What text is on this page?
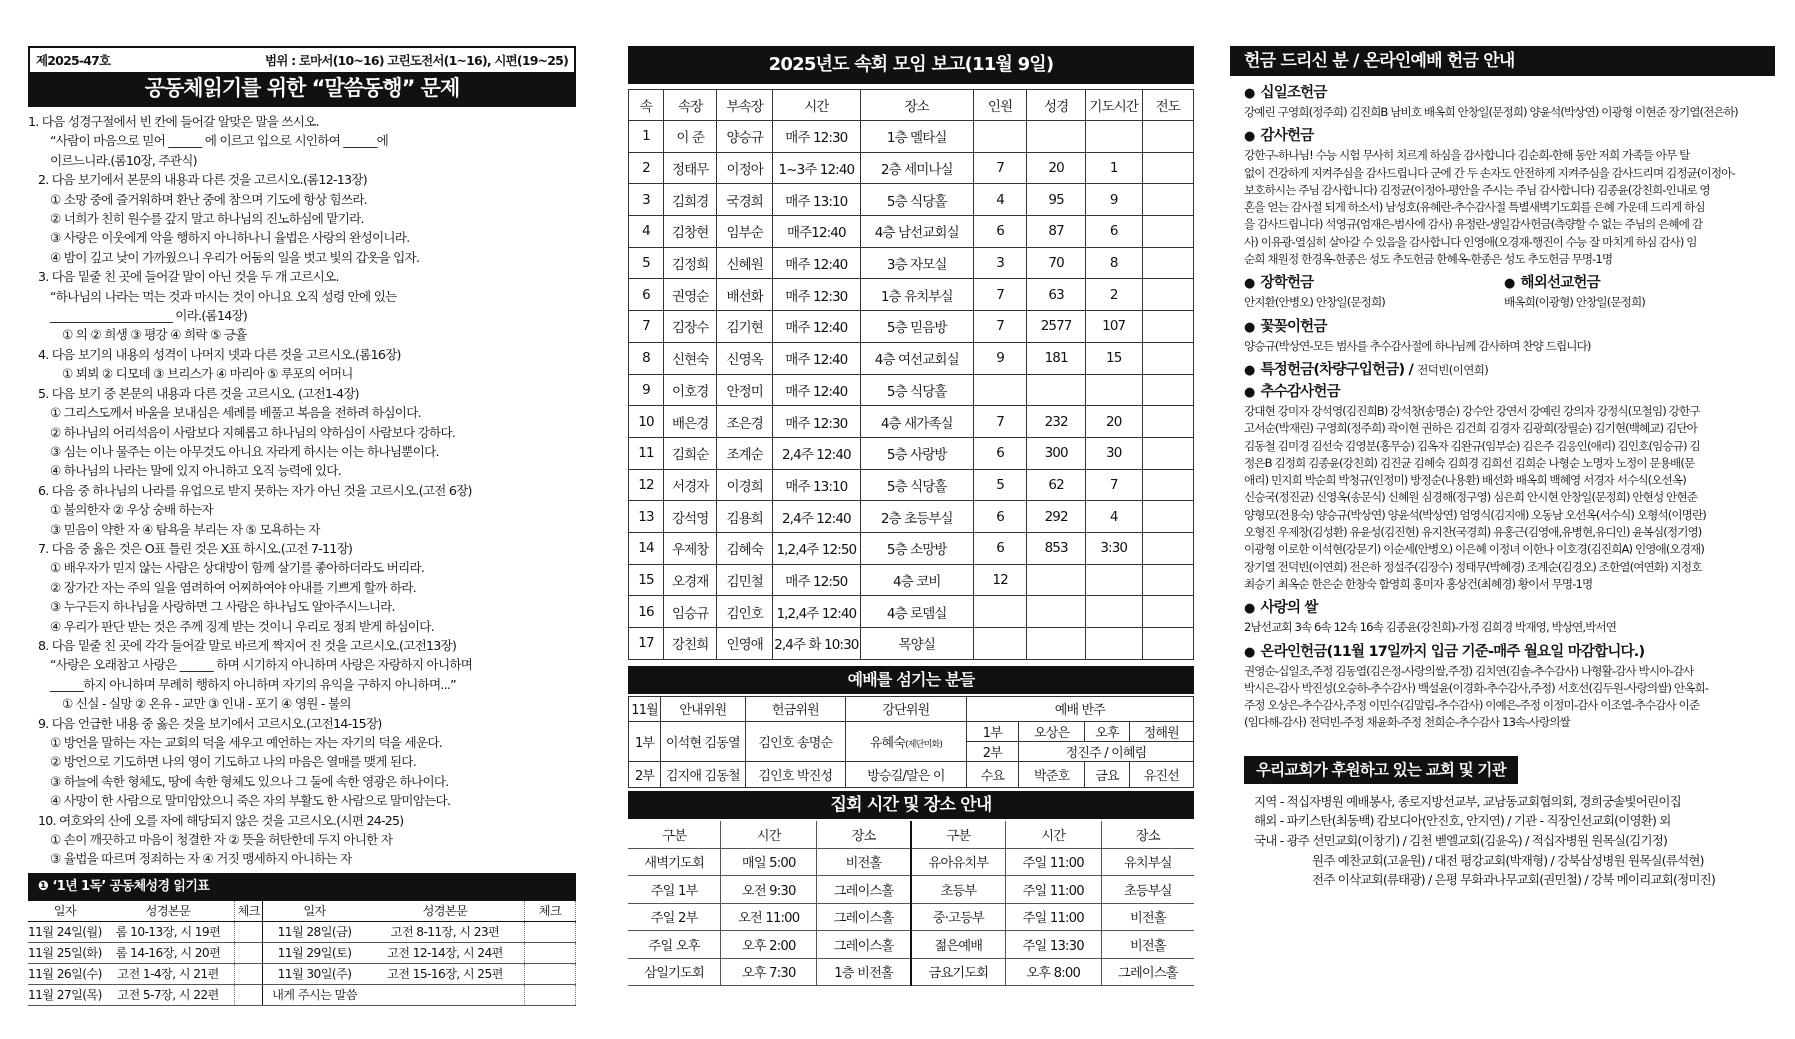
제2025-47호	범위 : 로마서(10~16) 고린도전서(1~16), 시편(19~25)
공동체읽기를 위한 “말씀동행” 문제
1. 다음 성경구절에서 빈 칸에 들어갈 알맞은 말을 쓰시오.
“사람이 마음으로 믿어 ______ 에 이르고 입으로 시인하여 ______에
이르느니라.(롬10장, 주관식)
2. 다음 보기에서 본문의 내용과 다른 것을 고르시오.(롬12-13장)
① 소망 중에 즐거워하며 환난 중에 참으며 기도에 항상 힘쓰라.
② 너희가 친히 원수를 갚지 말고 하나님의 진노하심에 맡기라.
③ 사랑은 이웃에게 악을 행하지 아니하나니 율법은 사랑의 완성이니라.
④ 밤이 깊고 낮이 가까웠으니 우리가 어둠의 일을 벗고 빛의 갑옷을 입자.
3. 다음 밑줄 친 곳에 들어갈 말이 아닌 것을 두 개 고르시오.
“하나님의 나라는 먹는 것과 마시는 것이 아니요 오직 성령 안에 있는
______________________ 이라.(롬14장)
① 의 ② 희생 ③ 평강 ④ 희락 ⑤ 긍휼
4. 다음 보기의 내용의 성격이 나머지 넷과 다른 것을 고르시오.(롬16장)
① 뵈뵈 ② 디모데 ③ 브리스가 ④ 마리아 ⑤ 루포의 어머니
5. 다음 보기 중 본문의 내용과 다른 것을 고르시오. (고전1-4장)
① 그리스도께서 바울을 보내심은 세례를 베풀고 복음을 전하려 하심이다.
② 하나님의 어리석음이 사람보다 지혜롭고 하나님의 약하심이 사람보다 강하다.
③ 심는 이나 물주는 이는 아무것도 아니요 자라게 하시는 이는 하나님뿐이다.
④ 하나님의 나라는 말에 있지 아니하고 오직 능력에 있다.
6. 다음 중 하나님의 나라를 유업으로 받지 못하는 자가 아닌 것을 고르시오.(고전 6장)
① 불의한자 ② 우상 숭배 하는자
③ 믿음이 약한 자 ④ 탐욕을 부리는 자 ⑤ 모욕하는 자
7. 다음 중 옳은 것은 O표 틀린 것은 X표 하시오.(고전 7-11장)
① 배우자가 믿지 않는 사람은 상대방이 함께 살기를 좋아하더라도 버리라.
② 장가간 자는 주의 일을 염려하여 어찌하여야 아내를 기쁘게 할까 하라.
③ 누구든지 하나님을 사랑하면 그 사람은 하나님도 알아주시느니라.
④ 우리가 판단 받는 것은 주께 징계 받는 것이니 우리로 정죄 받게 하심이다.
8. 다음 밑줄 친 곳에 각각 들어갈 말로 바르게 짝지어 진 것을 고르시오.(고전13장)
“사랑은 오래참고 사랑은 ______ 하며 시기하지 아니하며 사랑은 자랑하지 아니하며
______하지 아니하며 무례히 행하지 아니하며 자기의 유익을 구하지 아니하며...”
① 신실 - 실망 ② 온유 - 교만 ③ 인내 - 포기 ④ 영원 - 불의
9. 다음 언급한 내용 중 옳은 것을 보기에서 고르시오.(고전14-15장)
① 방언을 말하는 자는 교회의 덕을 세우고 예언하는 자는 자기의 덕을 세운다.
② 방언으로 기도하면 나의 영이 기도하고 나의 마음은 열매를 맺게 된다.
③ 하늘에 속한 형체도, 땅에 속한 형체도 있으나 그 둘에 속한 영광은 하나이다.
④ 사망이 한 사람으로 말미암았으니 죽은 자의 부활도 한 사람으로 말미암는다.
10. 여호와의 산에 오를 자에 해당되지 않은 것을 고르시오.(시편 24-25)
① 손이 깨끗하고 마음이 청결한 자 ② 뜻을 허탄한데 두지 아니한 자
③ 율법을 따르며 정죄하는 자 ④ 거짓 맹세하지 아니하는 자
❶ ‘1년 1독’ 공동체성경 읽기표
일자	성경본문	체크	일자	성경본문	체크
11월 24일(월)	롬 10-13장, 시 19편		11월 28일(금)	고전 8-11장, 시 23편	
11월 25일(화)	롬 14-16장, 시 20편		11월 29일(토)	고전 12-14장, 시 24편	
11월 26일(수)	고전 1-4장, 시 21편		11월 30일(주)	고전 15-16장, 시 25편	
11월 27일(목)	고전 5-7장, 시 22편		내게 주시는 말씀		
2025년도 속회 모임 보고(11월 9일)
속	속장	부속장	시간	장소	인원	성경	기도시간	전도
1	이 준	양승규	매주 12:30	1층 멜타실				
2	정태무	이정아	1~3주 12:40	2층 세미나실	7	20	1	
3	김희경	국경희	매주 13:10	5층 식당홀	4	95	9	
4	김창현	임부순	매주12:40	4층 남선교회실	6	87	6	
5	김정희	신혜원	매주 12:40	3층 자모실	3	70	8	
6	권영순	배선화	매주 12:30	1층 유치부실	7	63	2	
7	김장수	김기현	매주 12:40	5층 믿음방	7	2577	107	
8	신현숙	신영옥	매주 12:40	4층 여선교회실	9	181	15	
9	이호경	안정미	매주 12:40	5층 식당홀				
10	배은경	조은경	매주 12:30	4층 새가족실	7	232	20	
11	김희순	조계순	2,4주 12:40	5층 사랑방	6	300	30	
12	서경자	이경희	매주 13:10	5층 식당홀	5	62	7	
13	강석영	김용희	2,4주 12:40	2층 초등부실	6	292	4	
14	우제창	김혜숙	1,2,4주 12:50	5층 소망방	6	853	3:30	
15	오경재	김민철	매주 12:50	4층 코비	12			
16	임승규	김인호	1,2,4주 12:40	4층 로뎀실				
17	강친희	인영애	2,4주 화 10:30	목양실				
예배를 섬기는 분들
11월	안내위원	헌금위원	강단위원	예배 반주			
1부	이석현 김동열	김인호 송명순	유혜숙(제단미화)	1부	오상은	오후	정해원
				2부	정진주 / 이혜림		
2부	김지애 김동철	김인호 박진성	방승길/말은 이	수요	박준호	금요	유진선
집회 시간 및 장소 안내
구분	시간	장소	구분	시간	장소
새벽기도회	매일 5:00	비전홀	유아유치부	주일 11:00	유치부실
주일 1부	오전 9:30	그레이스홀	초등부	주일 11:00	초등부실
주일 2부	오전 11:00	그레이스홀	중·고등부	주일 11:00	비전홀
주일 오후	오후 2:00	그레이스홀	젊은예배	주일 13:30	비전홀
삼일기도회	오후 7:30	1층 비전홀	금요기도회	오후 8:00	그레이스홀
헌금 드리신 분 / 온라인예배 헌금 안내
● 십일조헌금
강예린 구영희(정주희) 김진희B 남비호 배옥희 안창일(문정희) 양윤석(박상연) 이광형 이현준 장기열(전은하)
● 감사헌금
강한구-하나님! 수능 시험 무사히 치르게 하심을 감사합니다 김순희-한해 동안 저희 가족들 아무 탈
없이 건강하게 지켜주심을 감사드립니다 군에 간 두 손자도 안전하게 지켜주심을 감사드리며 김정균(이정아-
보호하시는 주님 감사합니다) 김정균(이정아-평안을 주시는 주님 감사합니다) 김종윤(강친희-인내로 영
혼을 얻는 감사절 되게 하소서) 남성호(유혜란-추수감사절 특별새벽기도회를 은혜 가운데 드리게 하심
을 감사드립니다) 석영규(엄재은-범사에 감사) 유정란-생일감사헌금(측량할 수 없는 주님의 은혜에 감
사) 이유광-열심히 살아갈 수 있음을 감사합니다 인영애(오경재-행진이 수능 잘 마치게 하심 감사) 임
순희 채원정 한경옥-한종은 성도 추도헌금 한혜옥-한종은 성도 추도헌금 무명-1명
● 장학헌금
안지환(안병오) 안창일(문정희)
● 해외선교헌금
배옥희(이광형) 안창일(문정희)
● 꽃꽂이헌금
양승규(박상연-모든 범사를 추수감사절에 하나님께 감사하며 찬양 드립니다)
● 특정헌금(차량구입헌금) / 전덕빈(이연희)
● 추수감사헌금
강대현 강미자 강석영(김진희B) 강석창(송명순) 강수안 강연서 강예린 강의자 강정식(모철임) 강한구
고서순(박재린) 구영희(정주희) 곽이현 권하은 김건희 김경자 김광희(장필순) 김기현(백혜교) 김단아
김동철 김미경 김선숙 김영분(홍무승) 김옥자 김완규(임부순) 김은주 김응인(애리) 김인호(임승규) 김
정은B 김정희 김종윤(강친희) 김진균 김혜숙 김희경 김희선 김희순 나형순 노명자 노정이 문용배(문
애리) 민지희 박순희 박청규(인정미) 방정순(나용환) 배선화 배옥희 백혜영 서경자 서수식(오선옥)
신승국(정진균) 신영옥(송문식) 신혜원 심경해(정구영) 심은희 안시현 안창일(문정희) 안현성 안현준
양형모(전용숙) 양승규(박상연) 양윤석(박상연) 엄영식(김지애) 오동남 오선옥(서수식) 오형석(이명란)
오형진 우제창(김성환) 유윤성(김진현) 유지찬(국경희) 유홍근(김영애,유병현,유디인) 윤복심(정기영)
이광형 이로한 이석현(강문기) 이순세(안병오) 이은혜 이정녀 이한나 이호경(김진희A) 인영애(오경재)
장기열 전덕빈(이연희) 전은하 정설주(김장수) 정태무(박혜경) 조계순(김경오) 조한열(여연화) 지정호
최승기 최옥순 한은순 한창숙 함영희 홍미자 홍상건(최혜경) 황이서 무명-1명
● 사랑의 쌀
2남선교회 3속 6속 12속 16속 김종윤(강친희)-가정 김희경 박재영, 박상연,박서연
● 온라인헌금(11월 17일까지 입금 기준-매주 월요일 마감합니다.)
권영순-십일조,주정 김동열(김은정-사랑의쌀,주정) 김치연(김솔-추수감사) 나형활-감사 박시아-감사
박시은-감사 박진성(오승하-추수감사) 백설윤(이경화-추수감사,주정) 서호선(김두원-사랑의쌀) 안옥희-
주정 오상은-추수감사,주정 이민수(김말림-추수감사) 이예은-주정 이정미-감사 이조열-추수감사 이준
(임다해-감사) 전덕빈-주정 채윤화-주정 천희순-추수감사 13속-사랑의쌀
우리교회가 후원하고 있는 교회 및 기관
지역 - 적십자병원 예배봉사, 종로지방선교부, 교남동교회협의회, 경희궁솔빛어린이집
해외 - 파키스탄(최동백) 캄보디아(안진호, 안지연) / 기관 - 직장인선교회(이영환) 외
국내 - 광주 선민교회(이창기) / 김천 벧엘교회(김윤옥) / 적십자병원 원목실(김기정)
원주 예찬교회(고윤원) / 대전 평강교회(박재형) / 강북삼성병원 원목실(류석현)
전주 이삭교회(류태광) / 은평 무화과나무교회(권민철) / 강북 메이리교회(정미진)
